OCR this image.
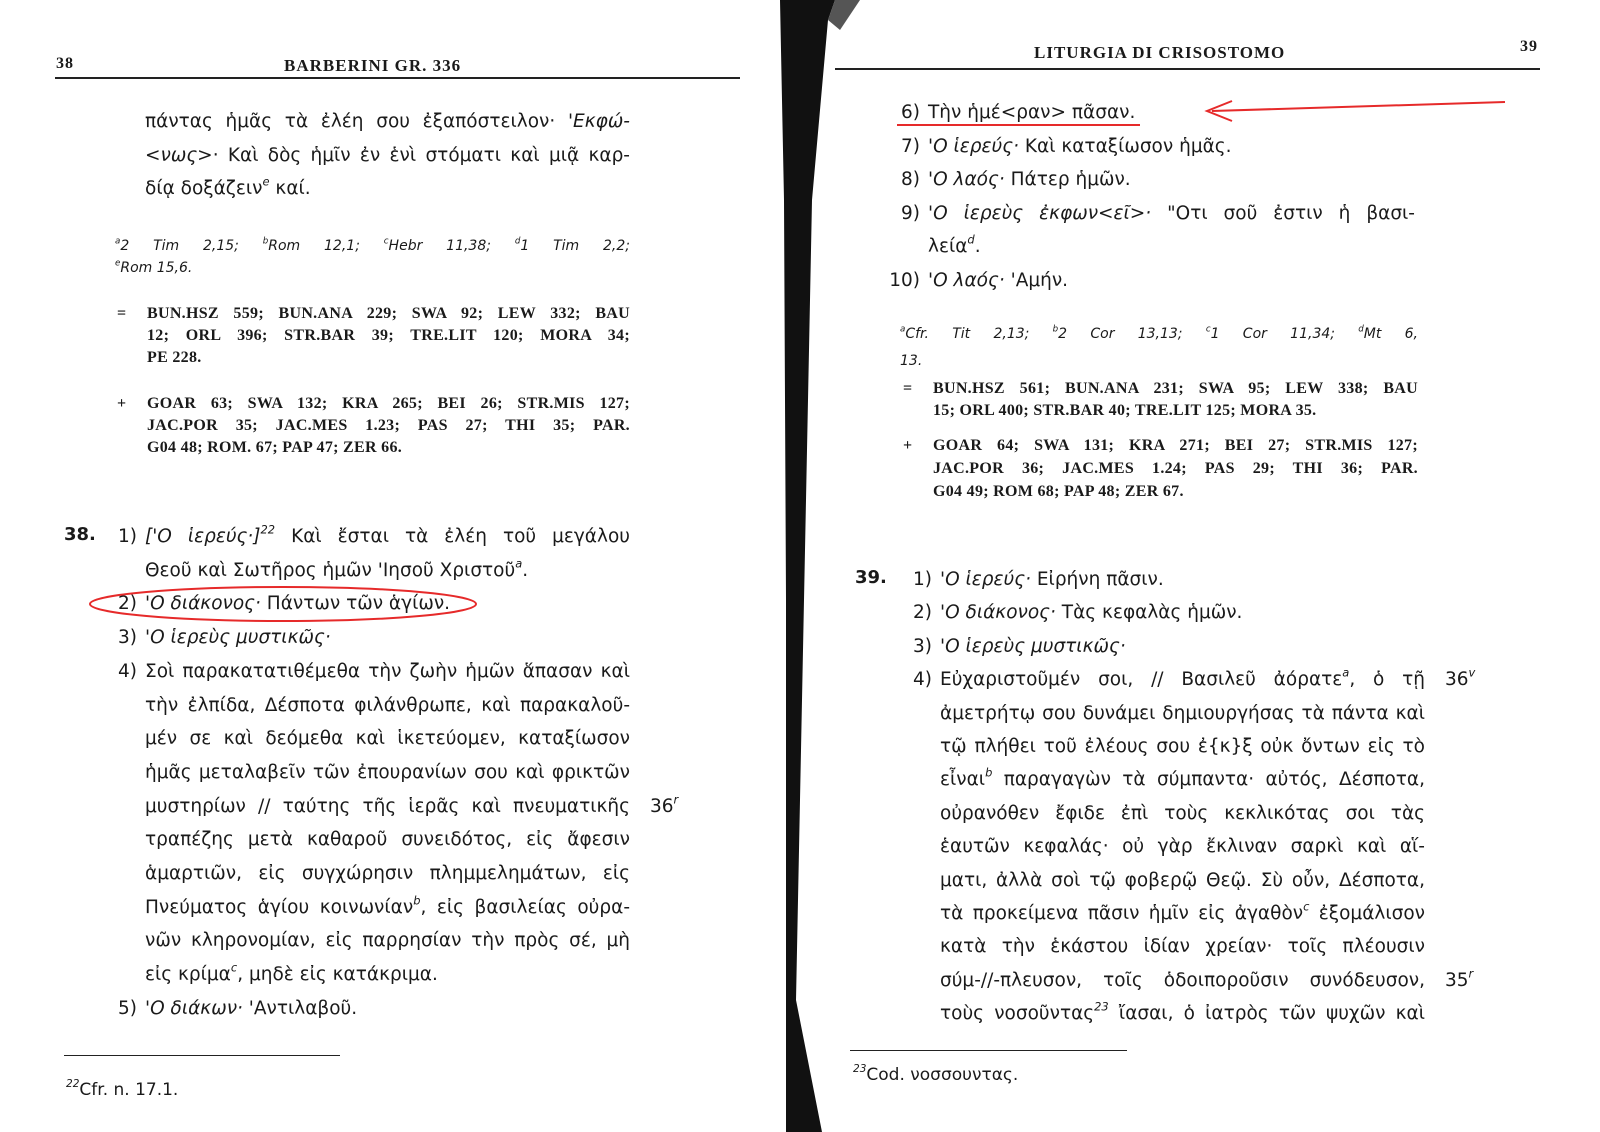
38	BARBERINI GR. 336
πάντας ἡμᾶς τὰ ἐλέη σου ἐξαπόστειλον· 'Εκφώ-
<νως>· Καὶ δὸς ἡμῖν ἐν ἑνὶ στόματι καὶ μιᾷ καρ-
δίᾳ δοξάζειν$^e$ καί.
$^a$2 Tim 2,15; $^b$Rom 12,1; $^c$Hebr 11,38; $^d$1 Tim 2,2;
$^e$Rom 15,6.
= BUN.HSZ 559; BUN.ANA 229; SWA 92; LEW 332; BAU
12; ORL 396; STR.BAR 39; TRE.LIT 120; MORA 34;
PE 228.
+ GOAR 63; SWA 132; KRA 265; BEI 26; STR.MIS 127;
JAC.POR 35; JAC.MES 1.23; PAS 27; THI 35; PAR.
G04 48; ROM. 67; PAP 47; ZER 66.
38. 1) ['Ο ἱερεύς·]$^{22}$ Καὶ ἔσται τὰ ἐλέη τοῦ μεγάλου
Θεοῦ καὶ Σωτῆρος ἡμῶν 'Ιησοῦ Χριστοῦ$^a$.
2) 'Ο διάκονος· Πάντων τῶν ἁγίων.
3) 'Ο ἱερεὺς μυστικῶς·
4) Σοὶ παρακατατιθέμεθα τὴν ζωὴν ἡμῶν ἅπασαν καὶ
τὴν ἐλπίδα, Δέσποτα φιλάνθρωπε, καὶ παρακαλοῦ-
μέν σε καὶ δεόμεθα καὶ ἱκετεύομεν, καταξίωσον
ἡμᾶς μεταλαβεῖν τῶν ἐπουρανίων σου καὶ φρικτῶν
μυστηρίων // ταύτης τῆς ἱερᾶς καὶ πνευματικῆς 36$^r$
τραπέζης μετὰ καθαροῦ συνειδότος, εἰς ἄφεσιν
ἁμαρτιῶν, εἰς συγχώρησιν πλημμελημάτων, εἰς
Πνεύματος ἁγίου κοινωνίαν$^b$, εἰς βασιλείας οὐρα-
νῶν κληρονομίαν, εἰς παρρησίαν τὴν πρὸς σέ, μὴ
εἰς κρίμα$^c$, μηδὲ εἰς κατάκριμα.
5) 'Ο διάκων· 'Αντιλαβοῦ.
$^{22}$Cfr. n. 17.1.
LITURGIA DI CRISOSTOMO	39
6) Τὴν ἡμέ<ραν> πᾶσαν.
7) 'Ο ἱερεύς· Καὶ καταξίωσον ἡμᾶς.
8) 'Ο λαός· Πάτερ ἡμῶν.
9) 'Ο ἱερεὺς ἐκφων<εῖ>· "Οτι σοῦ ἐστιν ἡ βασι-
λεία$^d$.
10) 'Ο λαός· 'Αμήν.
$^a$Cfr. Tit 2,13; $^b$2 Cor 13,13; $^c$1 Cor 11,34; $^d$Mt 6,
13.
= BUN.HSZ 561; BUN.ANA 231; SWA 95; LEW 338; BAU
15; ORL 400; STR.BAR 40; TRE.LIT 125; MORA 35.
+ GOAR 64; SWA 131; KRA 271; BEI 27; STR.MIS 127;
JAC.POR 36; JAC.MES 1.24; PAS 29; THI 36; PAR.
G04 49; ROM 68; PAP 48; ZER 67.
39. 1) 'Ο ἱερεύς· Εἰρήνη πᾶσιν.
2) 'Ο διάκονος· Τὰς κεφαλὰς ἡμῶν.
3) 'Ο ἱερεὺς μυστικῶς·
4) Εὐχαριστοῦμέν σοι, // Βασιλεῦ ἀόρατε$^a$, ὁ τῇ 36$^v$
ἀμετρήτῳ σου δυνάμει δημιουργήσας τὰ πάντα καὶ
τῷ πλήθει τοῦ ἐλέους σου ἐ{κ}ξ οὐκ ὄντων εἰς τὸ
εἶναι$^b$ παραγαγὼν τὰ σύμπαντα· αὐτός, Δέσποτα,
οὐρανόθεν ἔφιδε ἐπὶ τοὺς κεκλικότας σοι τὰς
ἑαυτῶν κεφαλάς· οὐ γὰρ ἔκλιναν σαρκὶ καὶ αἵ-
ματι, ἀλλὰ σοὶ τῷ φοβερῷ Θεῷ. Σὺ οὖν, Δέσποτα,
τὰ προκείμενα πᾶσιν ἡμῖν εἰς ἀγαθὸν$^c$ ἐξομάλισον
κατὰ τὴν ἑκάστου ἰδίαν χρείαν· τοῖς πλέουσιν
σύμ-//-πλευσον, τοῖς ὁδοιποροῦσιν συνόδευσον, 35$^r$
τοὺς νοσοῦντας$^{23}$ ἴασαι, ὁ ἰατρὸς τῶν ψυχῶν καὶ
$^{23}$Cod. νοσσουντας.
